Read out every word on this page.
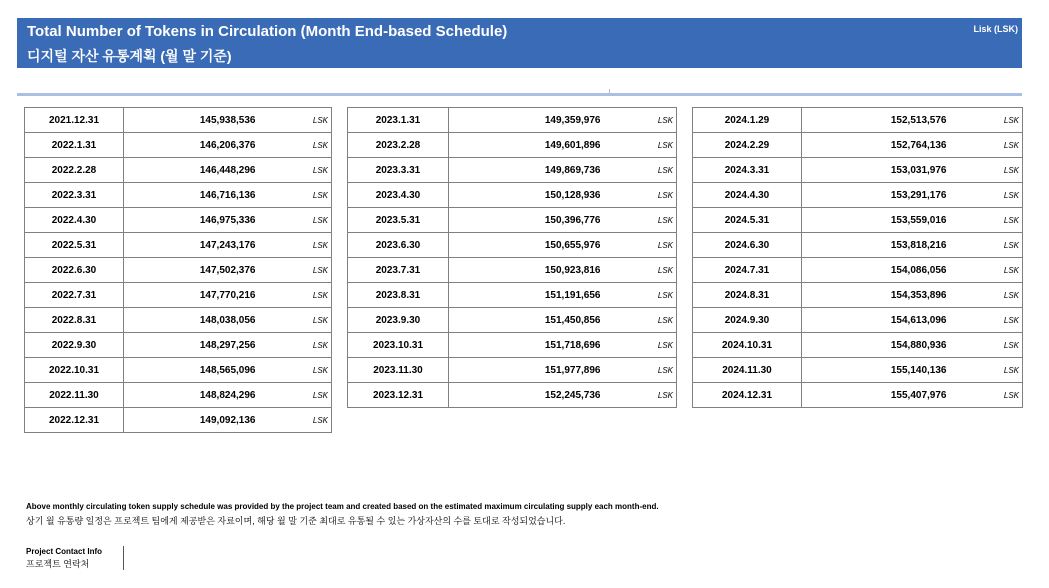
Total Number of Tokens in Circulation (Month End-based Schedule)
디지털 자산 유통계획 (월 말 기준)
Lisk (LSK)
2021.12.31	145,938,536	LSK
2022.1.31	146,206,376	LSK
2022.2.28	146,448,296	LSK
2022.3.31	146,716,136	LSK
2022.4.30	146,975,336	LSK
2022.5.31	147,243,176	LSK
2022.6.30	147,502,376	LSK
2022.7.31	147,770,216	LSK
2022.8.31	148,038,056	LSK
2022.9.30	148,297,256	LSK
2022.10.31	148,565,096	LSK
2022.11.30	148,824,296	LSK
2022.12.31	149,092,136	LSK
2023.1.31	149,359,976	LSK
2023.2.28	149,601,896	LSK
2023.3.31	149,869,736	LSK
2023.4.30	150,128,936	LSK
2023.5.31	150,396,776	LSK
2023.6.30	150,655,976	LSK
2023.7.31	150,923,816	LSK
2023.8.31	151,191,656	LSK
2023.9.30	151,450,856	LSK
2023.10.31	151,718,696	LSK
2023.11.30	151,977,896	LSK
2023.12.31	152,245,736	LSK
2024.1.29	152,513,576	LSK
2024.2.29	152,764,136	LSK
2024.3.31	153,031,976	LSK
2024.4.30	153,291,176	LSK
2024.5.31	153,559,016	LSK
2024.6.30	153,818,216	LSK
2024.7.31	154,086,056	LSK
2024.8.31	154,353,896	LSK
2024.9.30	154,613,096	LSK
2024.10.31	154,880,936	LSK
2024.11.30	155,140,136	LSK
2024.12.31	155,407,976	LSK
Above monthly circulating token supply schedule was provided by the project team and created based on the estimated maximum circulating supply each month-end.
상기 월 유통량 일정은 프로젝트 팀에게 제공받은 자료이며, 해당 월 말 기준 최대로 유통될 수 있는 가상자산의 수를 토대로 작성되었습니다.
Project Contact Info
프로젝트 연락처
